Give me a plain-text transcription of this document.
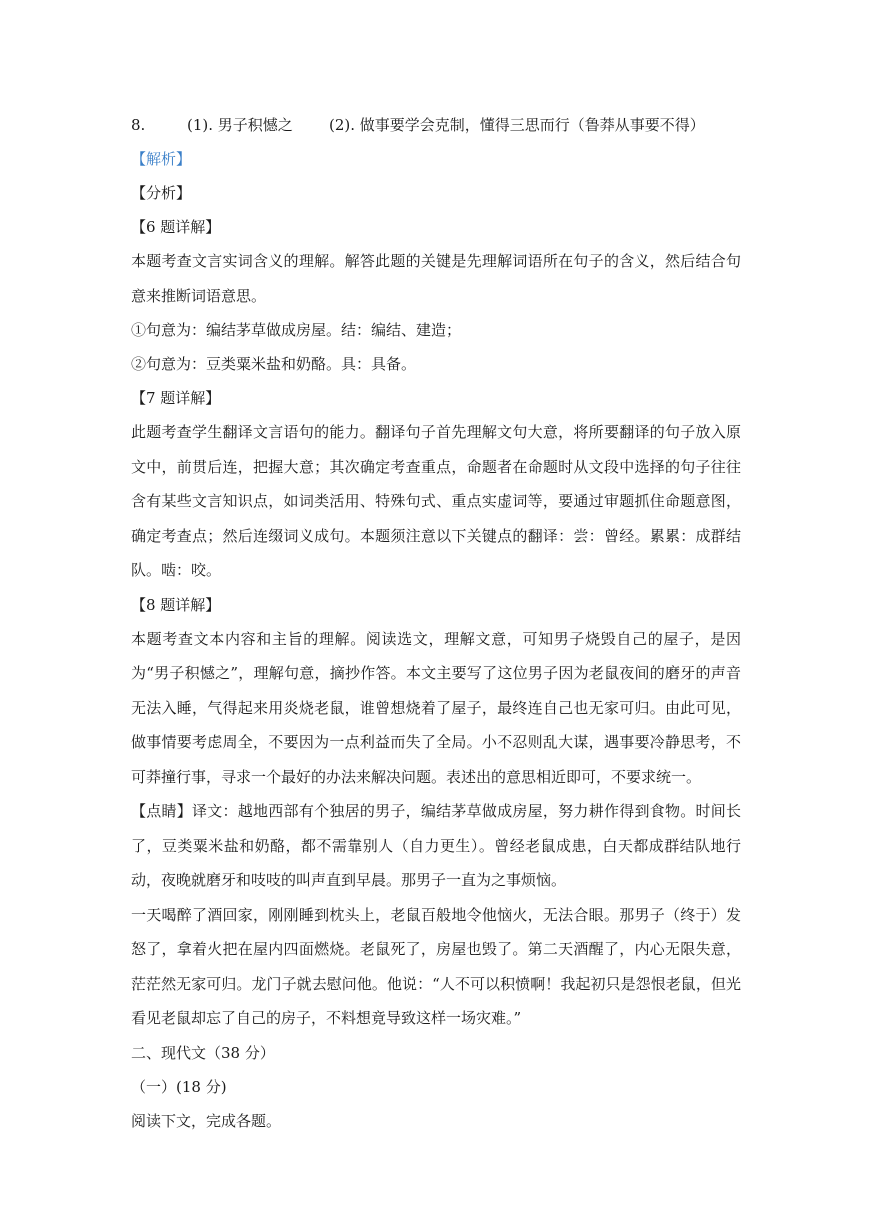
8.	(1). 男子积憾之 (2). 做事要学会克制，懂得三思而行（鲁莽从事要不得）
【解析】
【分析】
【6 题详解】
本题考查文言实词含义的理解。解答此题的关键是先理解词语所在句子的含义，然后结合句意来推断词语意思。
①句意为：编结茅草做成房屋。结：编结、建造；
②句意为：豆类粟米盐和奶酪。具：具备。
【7 题详解】
此题考查学生翻译文言语句的能力。翻译句子首先理解文句大意，将所要翻译的句子放入原文中，前贯后连，把握大意；其次确定考查重点，命题者在命题时从文段中选择的句子往往含有某些文言知识点，如词类活用、特殊句式、重点实虚词等，要通过审题抓住命题意图，确定考查点；然后连缀词义成句。本题须注意以下关键点的翻译：尝：曾经。累累：成群结队。啮：咬。
【8 题详解】
本题考查文本内容和主旨的理解。阅读选文，理解文意，可知男子烧毁自己的屋子，是因为“男子积憾之”，理解句意，摘抄作答。本文主要写了这位男子因为老鼠夜间的磨牙的声音无法入睡，气得起来用炎烧老鼠，谁曾想烧着了屋子，最终连自己也无家可归。由此可见，做事情要考虑周全，不要因为一点利益而失了全局。小不忍则乱大谋，遇事要冷静思考，不可莽撞行事，寻求一个最好的办法来解决问题。表述出的意思相近即可，不要求统一。
【点睛】译文：越地西部有个独居的男子，编结茅草做成房屋，努力耕作得到食物。时间长了，豆类粟米盐和奶酪，都不需靠别人（自力更生）。曾经老鼠成患，白天都成群结队地行动，夜晚就磨牙和吱吱的叫声直到早晨。那男子一直为之事烦恼。
一天喝醉了酒回家，刚刚睡到枕头上，老鼠百般地令他恼火，无法合眼。那男子（终于）发怒了，拿着火把在屋内四面燃烧。老鼠死了，房屋也毁了。第二天酒醒了，内心无限失意，茫茫然无家可归。龙门子就去慰问他。他说：“人不可以积愤啊！我起初只是怨恨老鼠，但光看见老鼠却忘了自己的房子，不料想竟导致这样一场灾难。”
二、现代文（38 分）
（一）(18 分)
阅读下文，完成各题。
